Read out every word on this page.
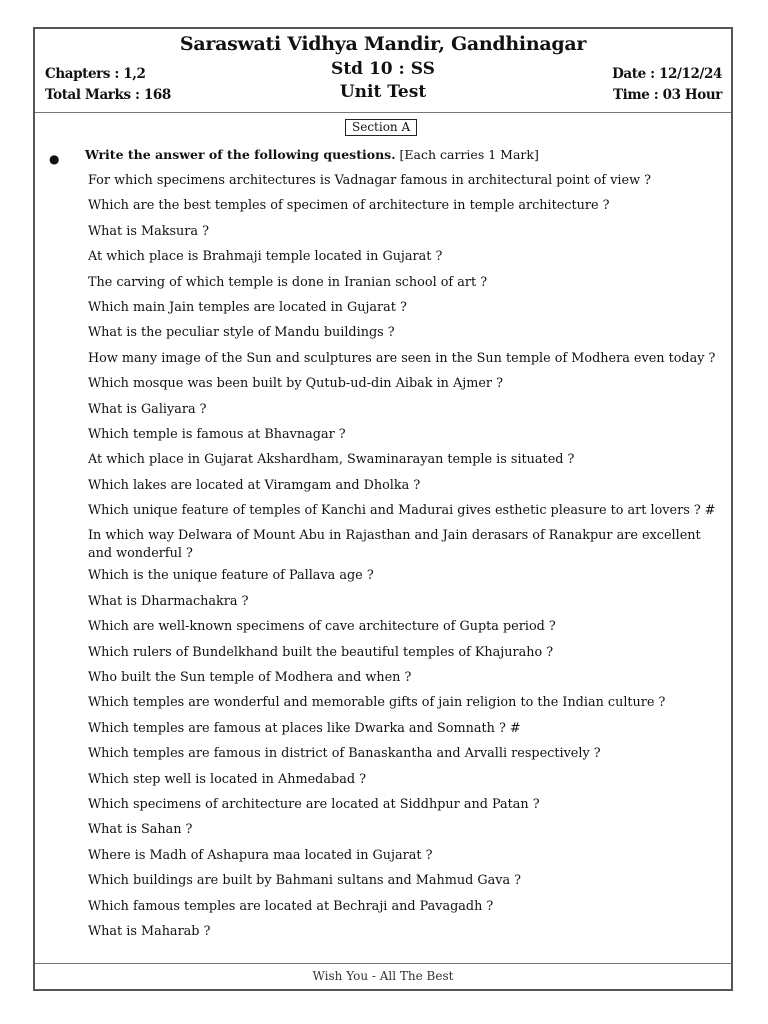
Saraswati Vidhya Mandir, Gandhinagar
Std 10 : SS
Unit Test
Chapters : 1,2
Total Marks : 168
Date : 12/12/24
Time : 03 Hour
Section A
● Write the answer of the following questions. [Each carries 1 Mark]
For which specimens architectures is Vadnagar famous in architectural point of view ?
Which are the best temples of specimen of architecture in temple architecture ?
What is Maksura ?
At which place is Brahmaji temple located in Gujarat ?
The carving of which temple is done in Iranian school of art ?
Which main Jain temples are located in Gujarat ?
What is the peculiar style of Mandu buildings ?
How many image of the Sun and sculptures are seen in the Sun temple of Modhera even today ?
Which mosque was been built by Qutub-ud-din Aibak in Ajmer ?
What is Galiyara ?
Which temple is famous at Bhavnagar ?
At which place in Gujarat Akshardham, Swaminarayan temple is situated ?
Which lakes are located at Viramgam and Dholka ?
Which unique feature of temples of Kanchi and Madurai gives esthetic pleasure to art lovers ? #
In which way Delwara of Mount Abu in Rajasthan and Jain derasars of Ranakpur are excellent and wonderful ?
Which is the unique feature of Pallava age ?
What is Dharmachakra ?
Which are well-known specimens of cave architecture of Gupta period ?
Which rulers of Bundelkhand built the beautiful temples of Khajuraho ?
Who built the Sun temple of Modhera and when ?
Which temples are wonderful and memorable gifts of jain religion to the Indian culture ?
Which temples are famous at places like Dwarka and Somnath ? #
Which temples are famous in district of Banaskantha and Arvalli respectively ?
Which step well is located in Ahmedabad ?
Which specimens of architecture are located at Siddhpur and Patan ?
What is Sahan ?
Where is Madh of Ashapura maa located in Gujarat ?
Which buildings are built by Bahmani sultans and Mahmud Gava ?
Which famous temples are located at Bechraji and Pavagadh ?
What is Maharab ?
Wish You - All The Best
